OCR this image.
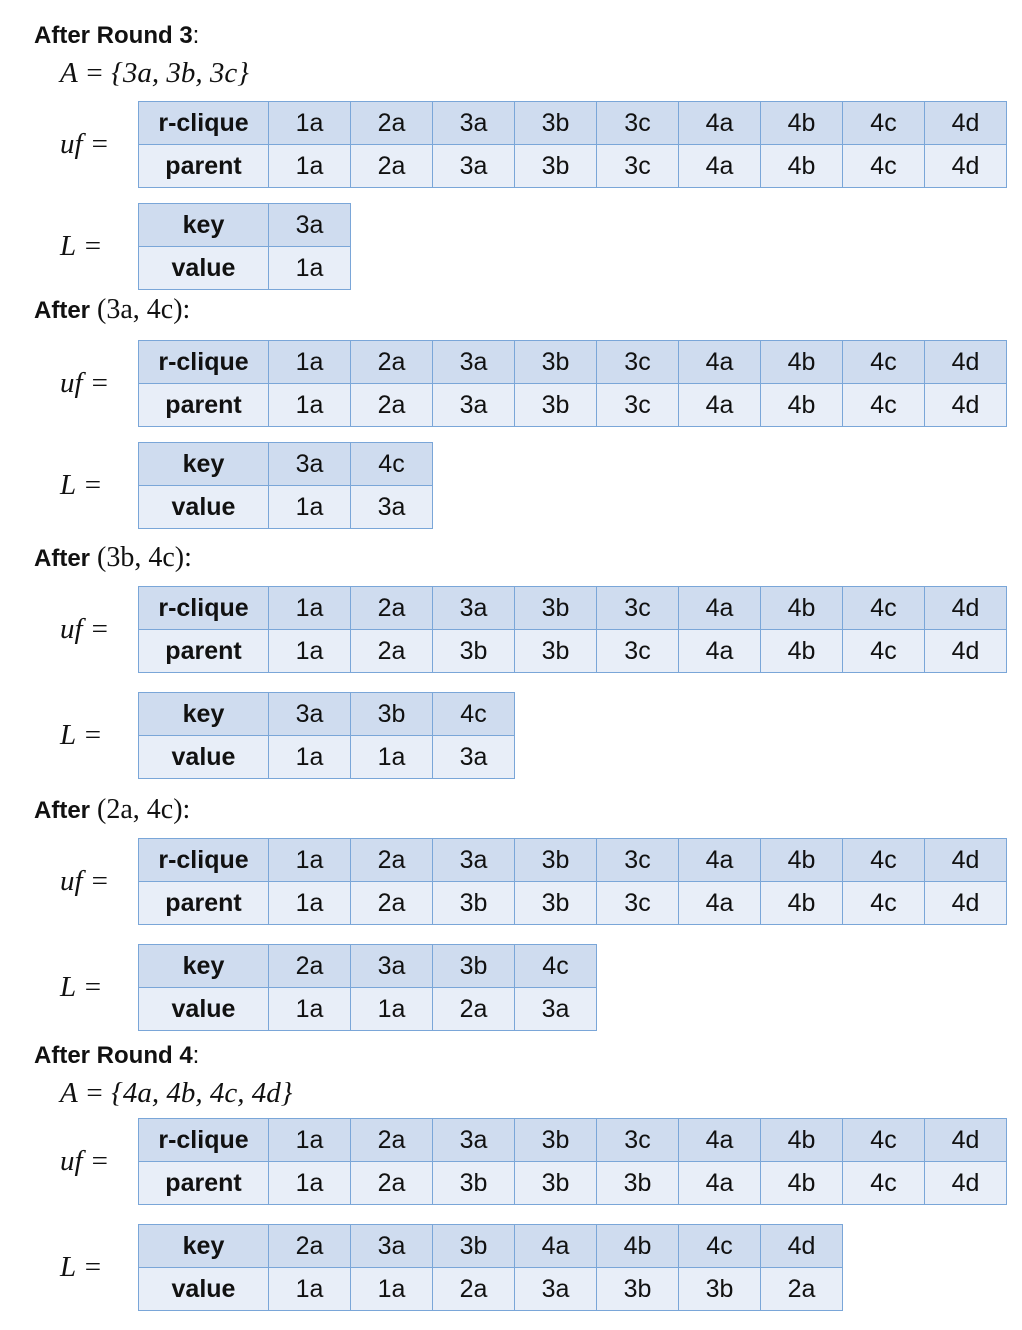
After Round 3:
A = {3a, 3b, 3c}
uf =
r-clique	1a	2a	3a	3b	3c	4a	4b	4c	4d
parent	1a	2a	3a	3b	3c	4a	4b	4c	4d
L =
key	3a
value	1a
After (3a, 4c):
uf =
r-clique	1a	2a	3a	3b	3c	4a	4b	4c	4d
parent	1a	2a	3a	3b	3c	4a	4b	4c	4d
L =
key	3a	4c
value	1a	3a
After (3b, 4c):
uf =
r-clique	1a	2a	3a	3b	3c	4a	4b	4c	4d
parent	1a	2a	3b	3b	3c	4a	4b	4c	4d
L =
key	3a	3b	4c
value	1a	1a	3a
After (2a, 4c):
uf =
r-clique	1a	2a	3a	3b	3c	4a	4b	4c	4d
parent	1a	2a	3b	3b	3c	4a	4b	4c	4d
L =
key	2a	3a	3b	4c
value	1a	1a	2a	3a
After Round 4:
A = {4a, 4b, 4c, 4d}
uf =
r-clique	1a	2a	3a	3b	3c	4a	4b	4c	4d
parent	1a	2a	3b	3b	3b	4a	4b	4c	4d
L =
key	2a	3a	3b	4a	4b	4c	4d
value	1a	1a	2a	3a	3b	3b	2a
